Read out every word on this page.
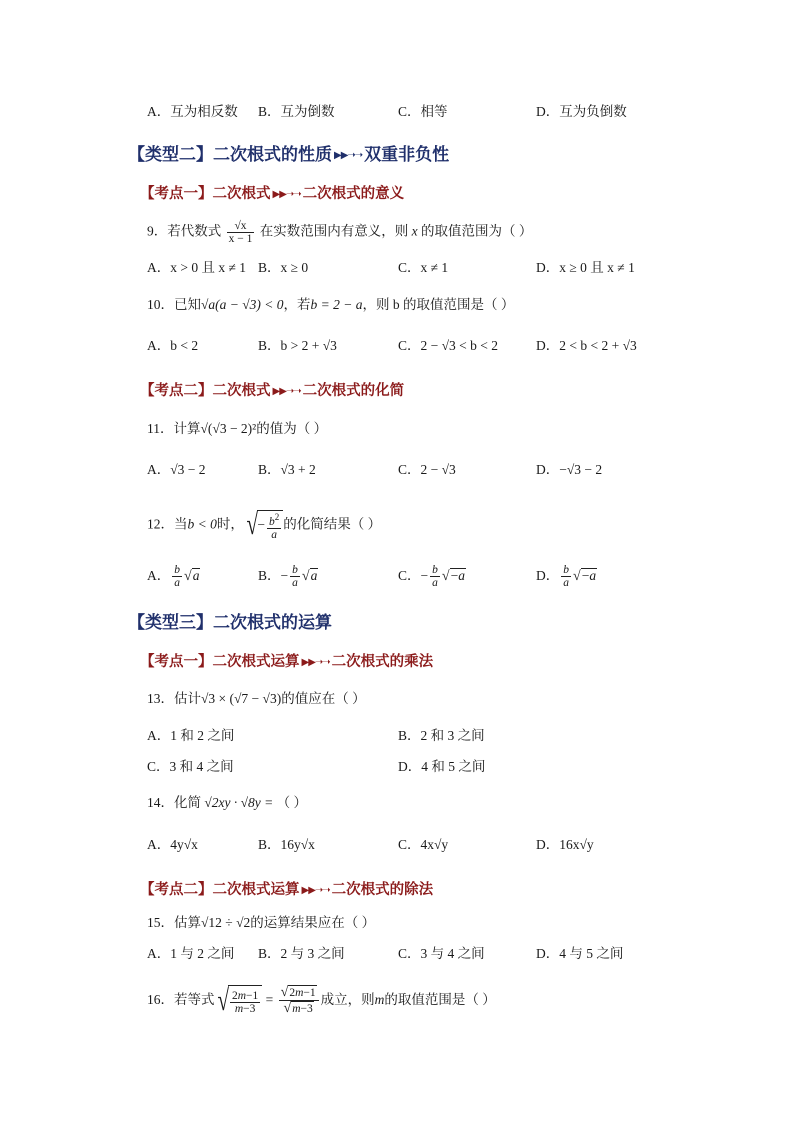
A．互为相反数 B．互为倒数	C．相等	D．互为负倒数
【类型二】二次根式的性质 ▶▶➝➝ 双重非负性
【考点一】二次根式 ▶▶➝➝ 二次根式的意义
9．若代数式 $\frac{√x}{x - 1}$ 在实数范围内有意义，则 x 的取值范围为（ ）
A．x > 0 且 x ≠ 1 B．x ≥ 0	C．x ≠ 1	D．x ≥ 0 且 x ≠ 1
10．已知√a(a − √3) < 0，若b = 2 − a，则 b 的取值范围是（ ）
A．b < 2	B．b > 2 + √3	C．2 − √3 < b < 2	D．2 < b < 2 + √3
【考点二】二次根式 ▶▶➝➝ 二次根式的化简
11．计算√(√3 − 2)²的值为（ ）
A．√3 − 2	B．√3 + 2	C．2 − √3	D．−√3 − 2
12．当b < 0时，√− $\frac{b^2}{a}$ 的化简结果（ ）
A． $\frac{b}{a} √a$	B．− $\frac{b}{a} √a$	C．− $\frac{b}{a} √-a$	D． $\frac{b}{a} √-a$
【类型三】二次根式的运算
【考点一】二次根式运算 ▶▶➝➝ 二次根式的乘法
13．估计√3 × (√7 − √3)的值应在（ ）
A．1 和 2 之间	B．2 和 3 之间
C．3 和 4 之间	D．4 和 5 之间
14．化简 √2xy · √8y = （ ）
A．4y√x	B．16y√x	C．4x√y	D．16x√y
【考点二】二次根式运算 ▶▶➝➝ 二次根式的除法
15．估算√12 ÷ √2的运算结果应在（ ）
A．1 与 2 之间 B．2 与 3 之间	C．3 与 4 之间	D．4 与 5 之间
16．若等式√ $\frac{2m-1}{m-3} = \frac{√2m-1}{√m-3}$ 成立，则m的取值范围是（ ）
